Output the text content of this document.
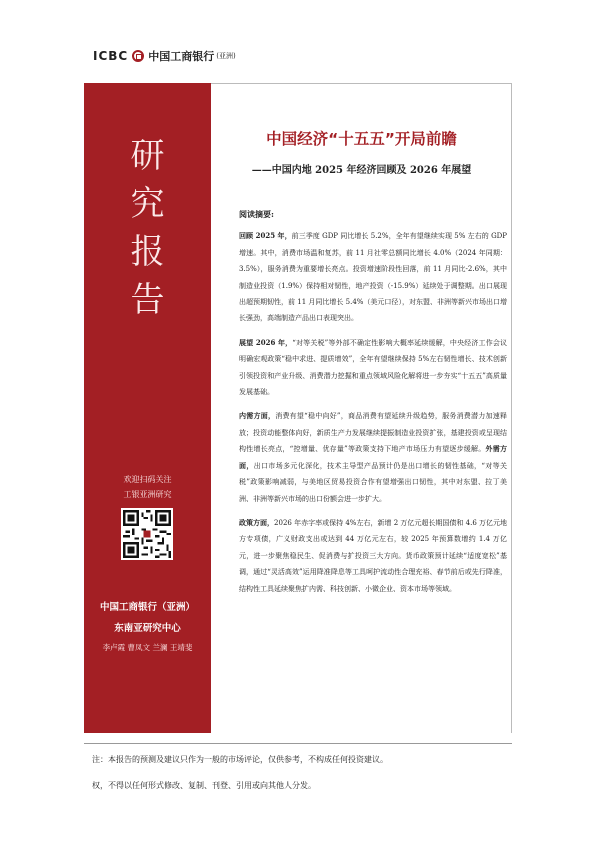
ICBC 中国工商银行 (亚洲)
研
究
报
告
欢迎扫码关注
工银亚洲研究
中国工商银行（亚洲）
东南亚研究中心
李卢霞 曹凤文 兰澜 王靖斐
中国经济“十五五”开局前瞻
——中国内地 2025 年经济回顾及 2026 年展望
阅读摘要:

回顾 2025 年，前三季度 GDP 同比增长 5.2%，全年有望继续实现 5% 左右的 GDP 增速。其中，消费市场温和复苏，前 11 月社零总额同比增长 4.0%（2024 年同期：3.5%），服务消费为重要增长亮点。投资增速阶段性回落，前 11 月同比-2.6%，其中制造业投资（1.9%）保持相对韧性，地产投资（-15.9%）延续处于调整期。出口展现出超预期韧性，前 11 月同比增长 5.4%（美元口径），对东盟、非洲等新兴市场出口增长强劲，高端制造产品出口表现突出。

展望 2026 年，“对等关税”等外部不确定性影响大概率延续缓解，中央经济工作会议明确宏观政策“稳中求进、提质增效”，全年有望继续保持 5%左右韧性增长、技术创新引领投资和产业升级、消费潜力挖掘和重点领域风险化解将进一步夯实“十五五”高质量发展基础。

内需方面，消费有望“稳中向好”，商品消费有望延续升级趋势，服务消费潜力加速释放；投资动能整体向好，新质生产力发展继续提振制造业投资扩张，基建投资或呈现结构性增长亮点，“控增量、优存量”等政策支持下地产市场压力有望逐步缓解。外需方面，出口市场多元化深化，技术主导型产品预计仍是出口增长的韧性基础，“对等关税”政策影响减弱，与美地区贸易投资合作有望增强出口韧性，其中对东盟、拉丁美洲、非洲等新兴市场的出口份额会进一步扩大。

政策方面，2026 年赤字率或保持 4%左右，新增 2 万亿元超长期国债和 4.6 万亿元地方专项债，广义财政支出或达到 44 万亿元左右，较 2025 年预算数增约 1.4 万亿元，进一步聚焦稳民生、促消费与扩投资三大方向。货币政策预计延续“适度宽松”基调，通过“灵活高效”运用降准降息等工具呵护流动性合理充裕、春节前后或先行降准，结构性工具延续聚焦扩内需、科技创新、小微企业、资本市场等领域。

注：本报告的预测及建议只作为一般的市场评论，仅供参考，不构成任何投资建议。
权，不得以任何形式修改、复制、刊登、引用或向其他人分发。
